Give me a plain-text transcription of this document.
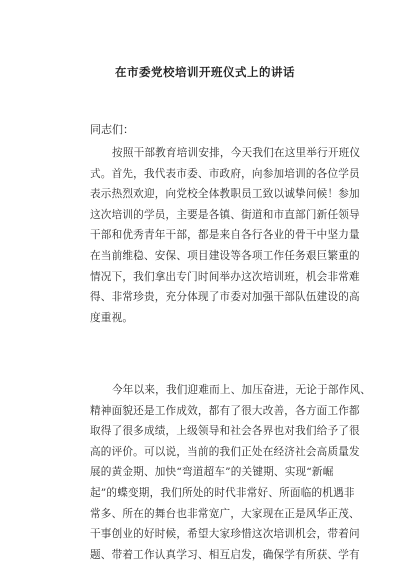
在市委党校培训开班仪式上的讲话
同志们：
按照干部教育培训安排，今天我们在这里举行开班仪
式。首先，我代表市委、市政府，向参加培训的各位学员
表示热烈欢迎，向党校全体教职员工致以诚挚问候！参加
这次培训的学员，主要是各镇、街道和市直部门新任领导
干部和优秀青年干部，都是来自各行各业的骨干中坚力量
在当前维稳、安保、项目建设等各项工作任务艰巨繁重的
情况下，我们拿出专门时间举办这次培训班，机会非常难
得、非常珍贵，充分体现了市委对加强干部队伍建设的高
度重视。
今年以来，我们迎难而上、加压奋进，无论于部作风、
精神面貌还是工作成效，都有了很大改善，各方面工作都
取得了很多成绩，上级领导和社会各界也对我们给予了很
高的评价。可以说，当前的我们正处在经济社会高质量发
展的黄金期、加快“弯道超车”的关键期、实现“新崛
起”的蝶变期，我们所处的时代非常好、所面临的机遇非
常多、所在的舞台也非常宽广，大家现在正是风华正茂、
干事创业的好时候，希望大家珍惜这次培训机会，带着问
题、带着工作认真学习、相互启发，确保学有所获、学有
